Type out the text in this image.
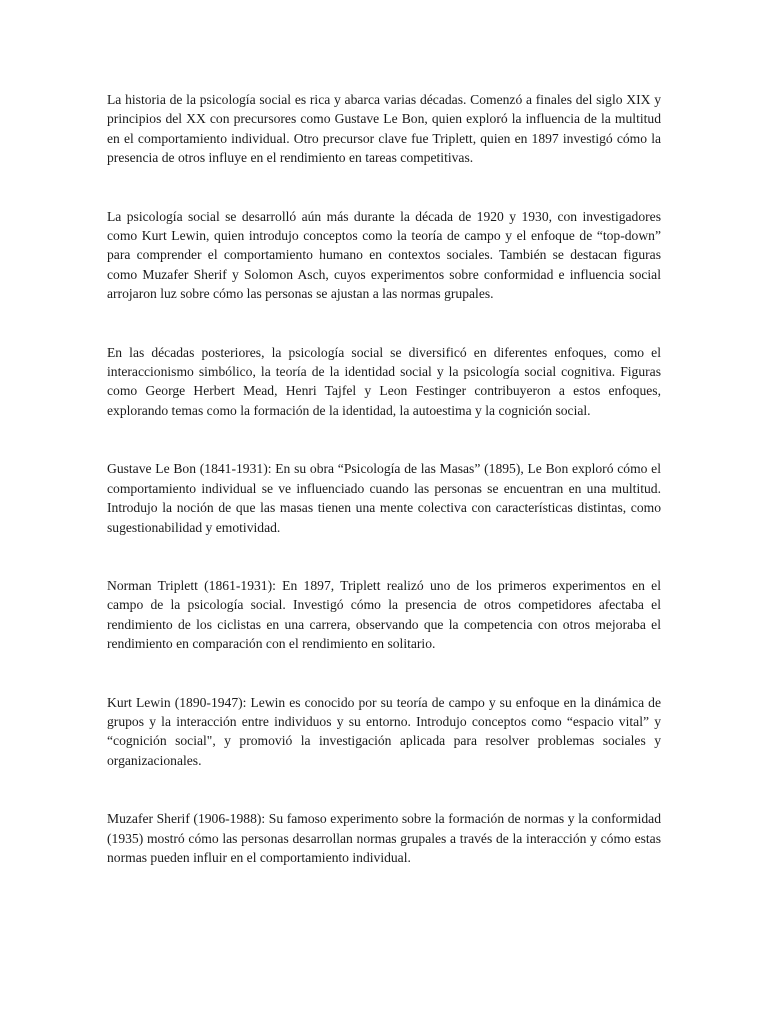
La historia de la psicología social es rica y abarca varias décadas. Comenzó a finales del siglo XIX y principios del XX con precursores como Gustave Le Bon, quien exploró la influencia de la multitud en el comportamiento individual. Otro precursor clave fue Triplett, quien en 1897 investigó cómo la presencia de otros influye en el rendimiento en tareas competitivas.

La psicología social se desarrolló aún más durante la década de 1920 y 1930, con investigadores como Kurt Lewin, quien introdujo conceptos como la teoría de campo y el enfoque de “top-down” para comprender el comportamiento humano en contextos sociales. También se destacan figuras como Muzafer Sherif y Solomon Asch, cuyos experimentos sobre conformidad e influencia social arrojaron luz sobre cómo las personas se ajustan a las normas grupales.

En las décadas posteriores, la psicología social se diversificó en diferentes enfoques, como el interaccionismo simbólico, la teoría de la identidad social y la psicología social cognitiva. Figuras como George Herbert Mead, Henri Tajfel y Leon Festinger contribuyeron a estos enfoques, explorando temas como la formación de la identidad, la autoestima y la cognición social.

Gustave Le Bon (1841-1931): En su obra “Psicología de las Masas” (1895), Le Bon exploró cómo el comportamiento individual se ve influenciado cuando las personas se encuentran en una multitud. Introdujo la noción de que las masas tienen una mente colectiva con características distintas, como sugestionabilidad y emotividad.

Norman Triplett (1861-1931): En 1897, Triplett realizó uno de los primeros experimentos en el campo de la psicología social. Investigó cómo la presencia de otros competidores afectaba el rendimiento de los ciclistas en una carrera, observando que la competencia con otros mejoraba el rendimiento en comparación con el rendimiento en solitario.

Kurt Lewin (1890-1947): Lewin es conocido por su teoría de campo y su enfoque en la dinámica de grupos y la interacción entre individuos y su entorno. Introdujo conceptos como “espacio vital” y “cognición social", y promovió la investigación aplicada para resolver problemas sociales y organizacionales.

Muzafer Sherif (1906-1988): Su famoso experimento sobre la formación de normas y la conformidad (1935) mostró cómo las personas desarrollan normas grupales a través de la interacción y cómo estas normas pueden influir en el comportamiento individual.
